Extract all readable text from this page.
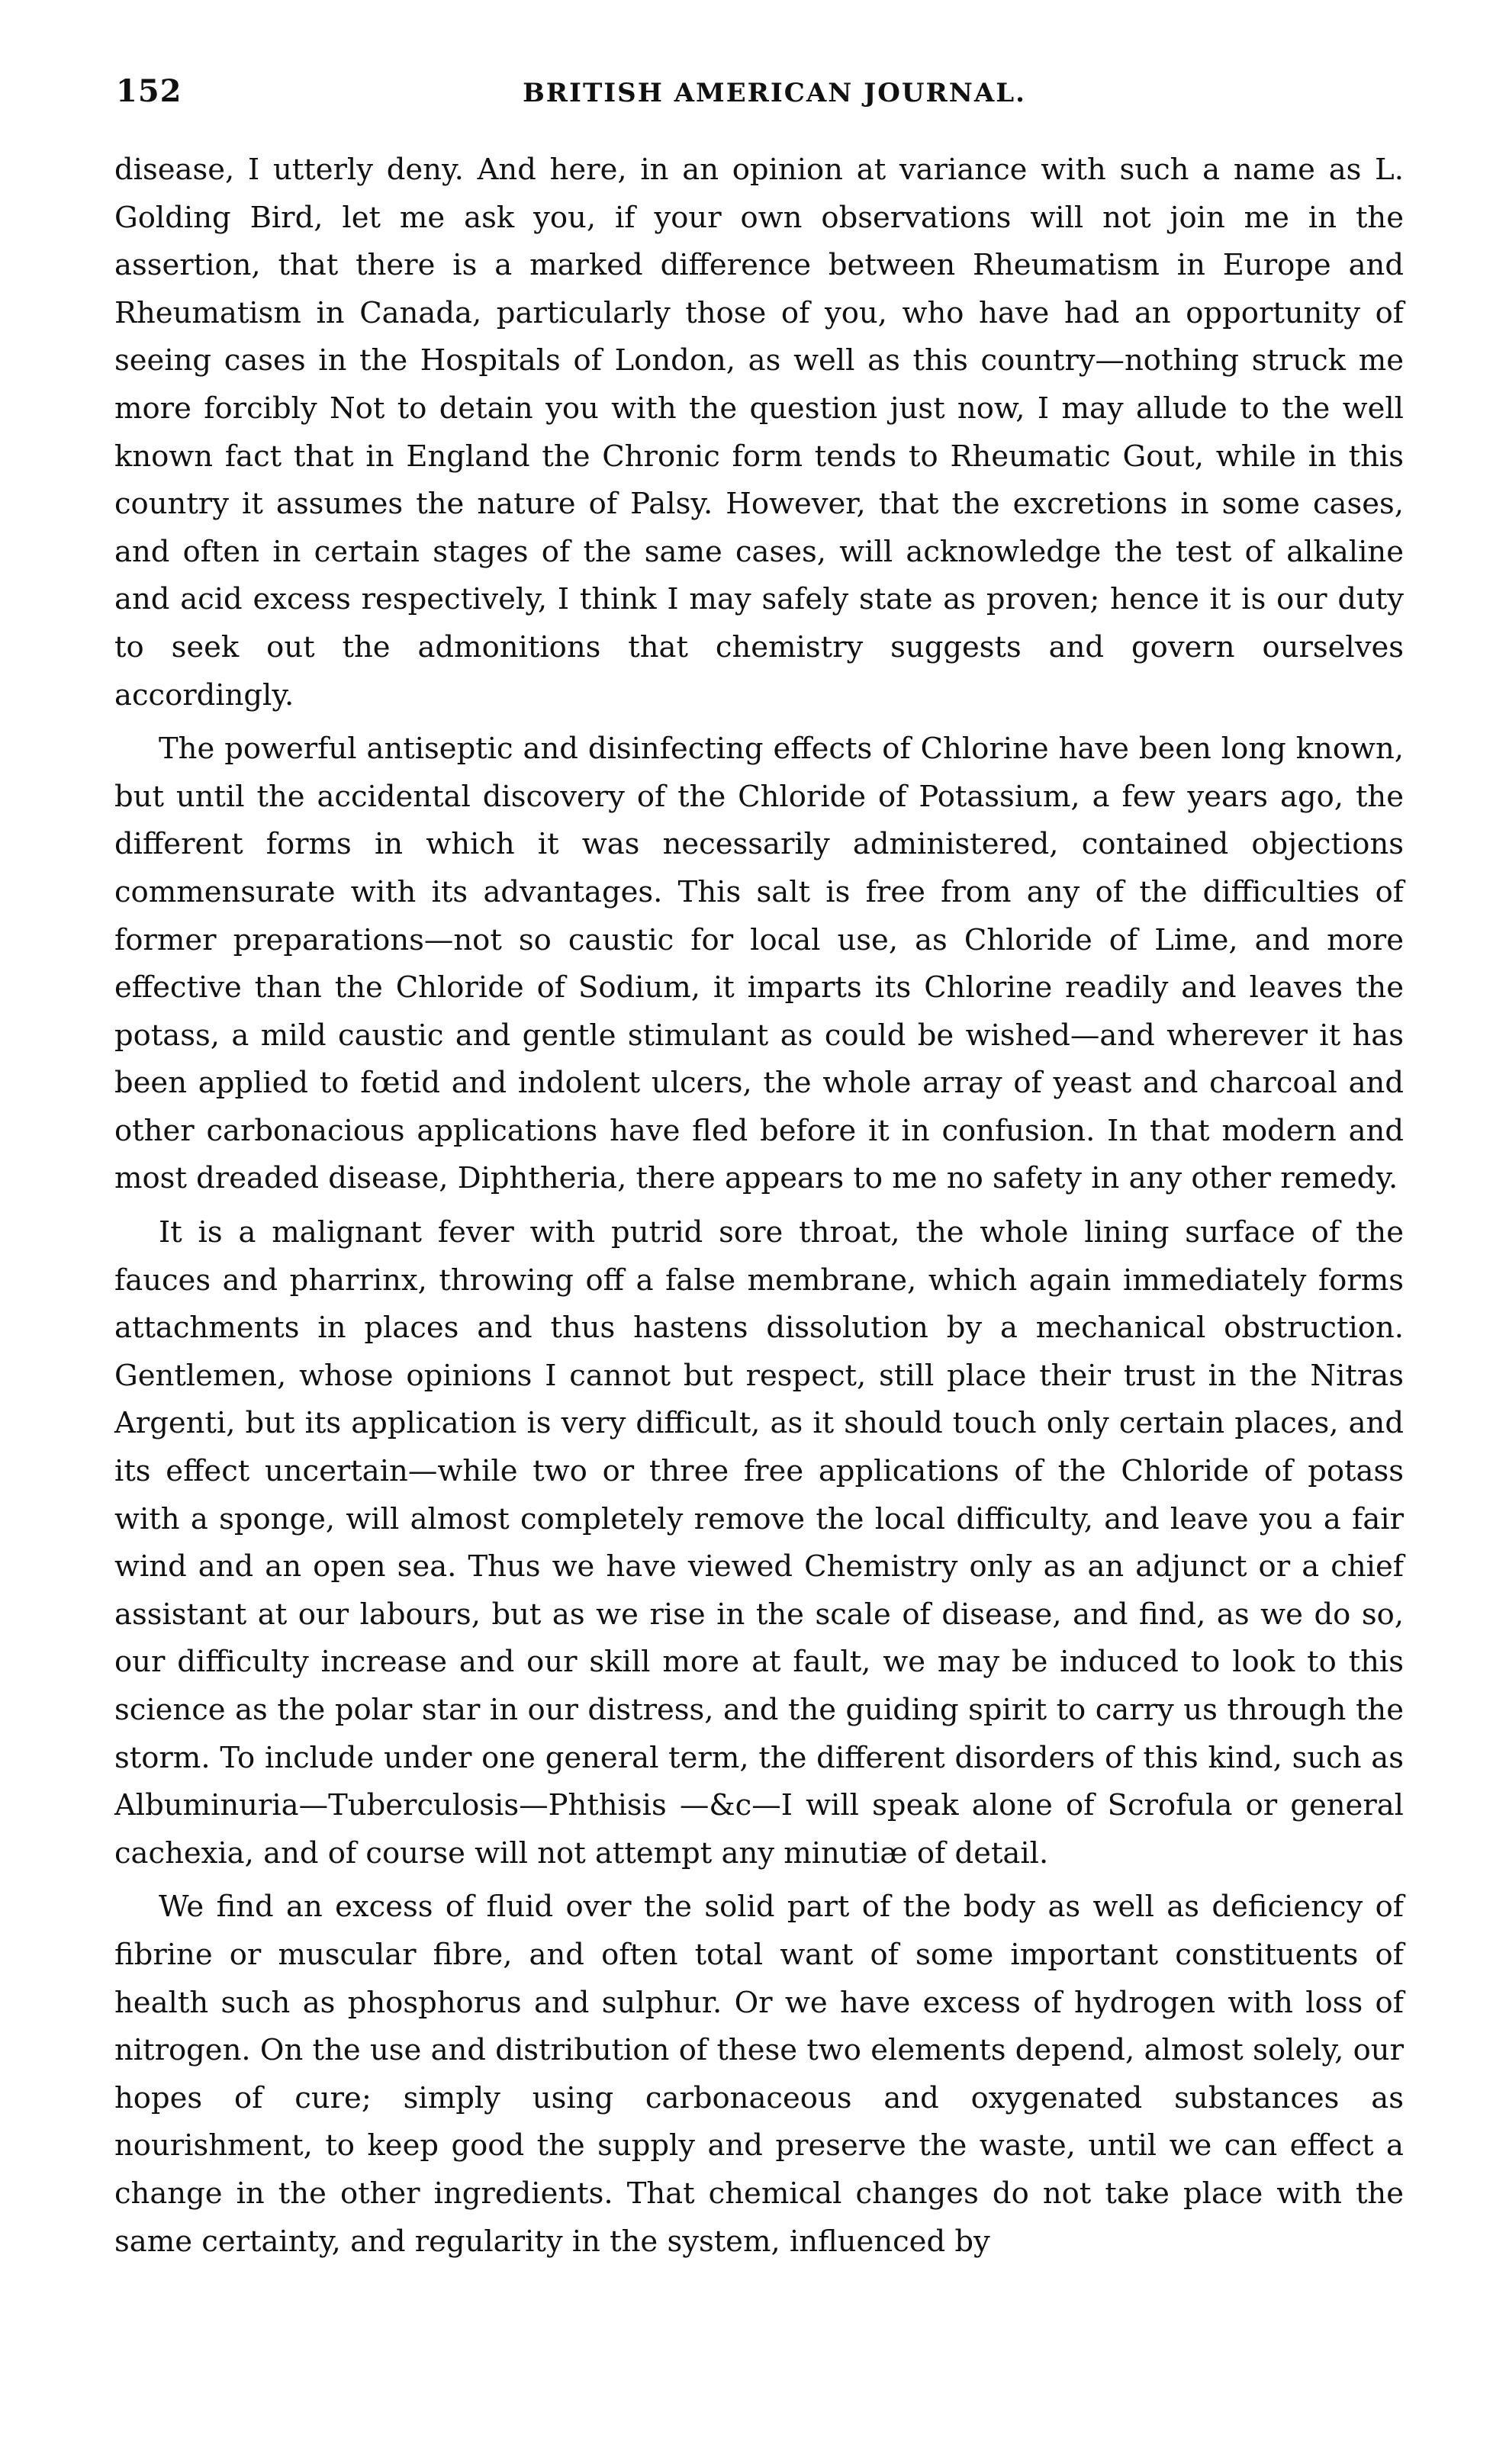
152	BRITISH AMERICAN JOURNAL.

disease, I utterly deny. And here, in an opinion at variance with such a name as L. Golding Bird, let me ask you, if your own observations will not join me in the assertion, that there is a marked difference between Rheumatism in Europe and Rheumatism in Canada, particularly those of you, who have had an opportunity of seeing cases in the Hospitals of London, as well as this country—nothing struck me more forcibly Not to detain you with the question just now, I may allude to the well known fact that in England the Chronic form tends to Rheumatic Gout, while in this country it assumes the nature of Palsy. However, that the excretions in some cases, and often in certain stages of the same cases, will acknowledge the test of alkaline and acid excess respectively, I think I may safely state as proven; hence it is our duty to seek out the admonitions that chemistry suggests and govern ourselves accordingly.

The powerful antiseptic and disinfecting effects of Chlorine have been long known, but until the accidental discovery of the Chloride of Potassium, a few years ago, the different forms in which it was necessarily administered, contained objections commensurate with its advantages. This salt is free from any of the difficulties of former preparations—not so caustic for local use, as Chloride of Lime, and more effective than the Chloride of Sodium, it imparts its Chlorine readily and leaves the potass, a mild caustic and gentle stimulant as could be wished—and wherever it has been applied to fœtid and indolent ulcers, the whole array of yeast and charcoal and other carbonacious applications have fled before it in confusion. In that modern and most dreaded disease, Diphtheria, there appears to me no safety in any other remedy.

It is a malignant fever with putrid sore throat, the whole lining surface of the fauces and pharrinx, throwing off a false membrane, which again immediately forms attachments in places and thus hastens dissolution by a mechanical obstruction. Gentlemen, whose opinions I cannot but respect, still place their trust in the Nitras Argenti, but its application is very difficult, as it should touch only certain places, and its effect uncertain—while two or three free applications of the Chloride of potass with a sponge, will almost completely remove the local difficulty, and leave you a fair wind and an open sea. Thus we have viewed Chemistry only as an adjunct or a chief assistant at our labours, but as we rise in the scale of disease, and find, as we do so, our difficulty increase and our skill more at fault, we may be induced to look to this science as the polar star in our distress, and the guiding spirit to carry us through the storm. To include under one general term, the different disorders of this kind, such as Albuminuria—Tuberculosis—Phthisis —&c—I will speak alone of Scrofula or general cachexia, and of course will not attempt any minutiæ of detail.

We find an excess of fluid over the solid part of the body as well as deficiency of fibrine or muscular fibre, and often total want of some important constituents of health such as phosphorus and sulphur. Or we have excess of hydrogen with loss of nitrogen. On the use and distribution of these two elements depend, almost solely, our hopes of cure; simply using carbonaceous and oxygenated substances as nourishment, to keep good the supply and preserve the waste, until we can effect a change in the other ingredients. That chemical changes do not take place with the same certainty, and regularity in the system, influenced by
